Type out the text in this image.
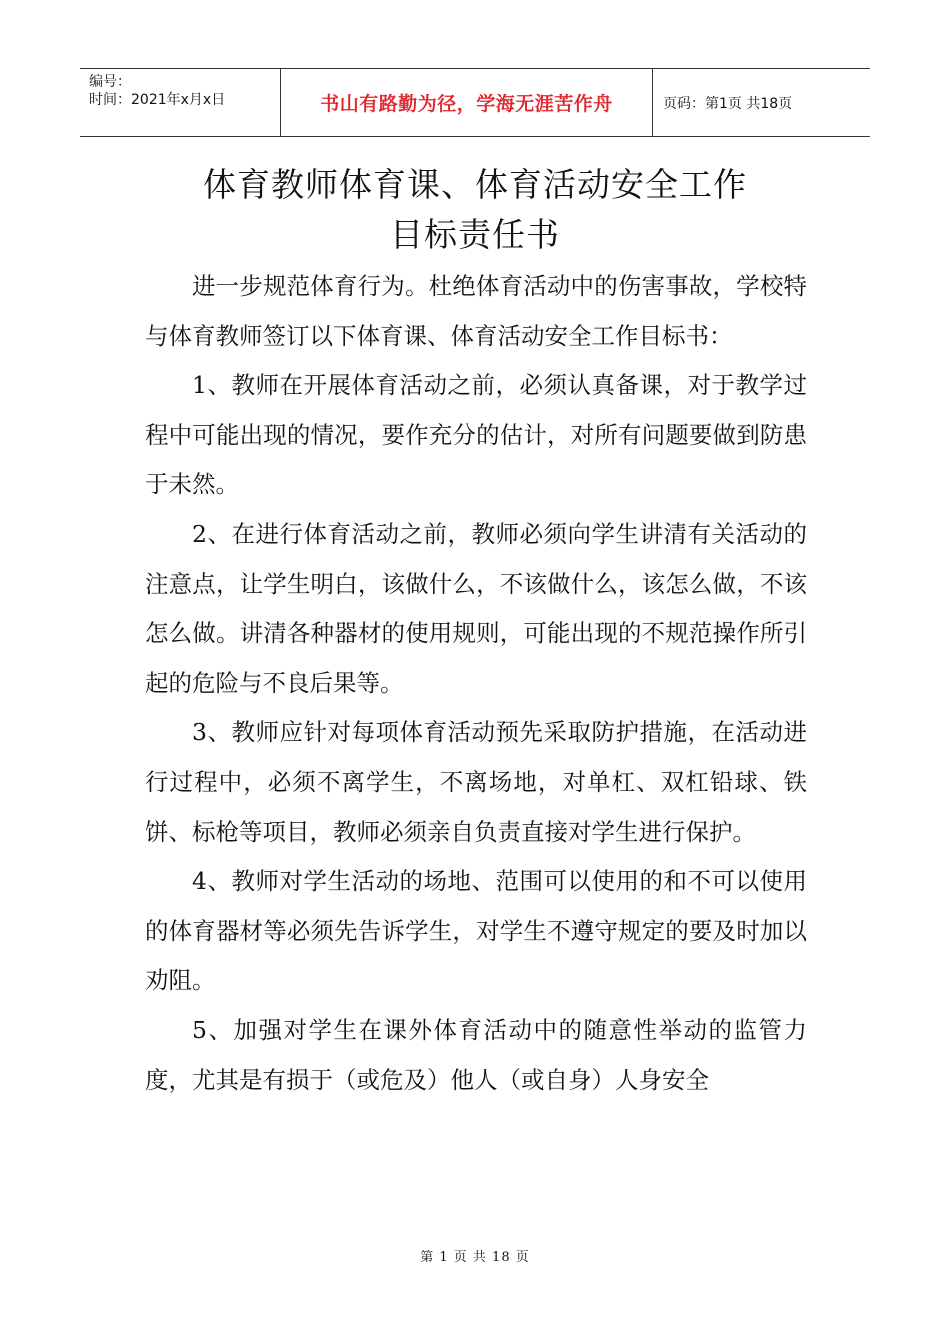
编号：
时间：2021年x月x日	书山有路勤为径，学海无涯苦作舟	页码：第1页 共18页
体育教师体育课、体育活动安全工作
目标责任书

进一步规范体育行为。杜绝体育活动中的伤害事故，学校特与体育教师签订以下体育课、体育活动安全工作目标书：

1、教师在开展体育活动之前，必须认真备课，对于教学过程中可能出现的情况，要作充分的估计，对所有问题要做到防患于未然。

2、在进行体育活动之前，教师必须向学生讲清有关活动的注意点，让学生明白，该做什么，不该做什么，该怎么做，不该怎么做。讲清各种器材的使用规则，可能出现的不规范操作所引起的危险与不良后果等。

3、教师应针对每项体育活动预先采取防护措施，在活动进行过程中，必须不离学生，不离场地，对单杠、双杠铅球、铁饼、标枪等项目，教师必须亲自负责直接对学生进行保护。

4、教师对学生活动的场地、范围可以使用的和不可以使用的体育器材等必须先告诉学生，对学生不遵守规定的要及时加以劝阻。

5、加强对学生在课外体育活动中的随意性举动的监管力度，尤其是有损于（或危及）他人（或自身）人身安全

第 1 页 共 18 页
